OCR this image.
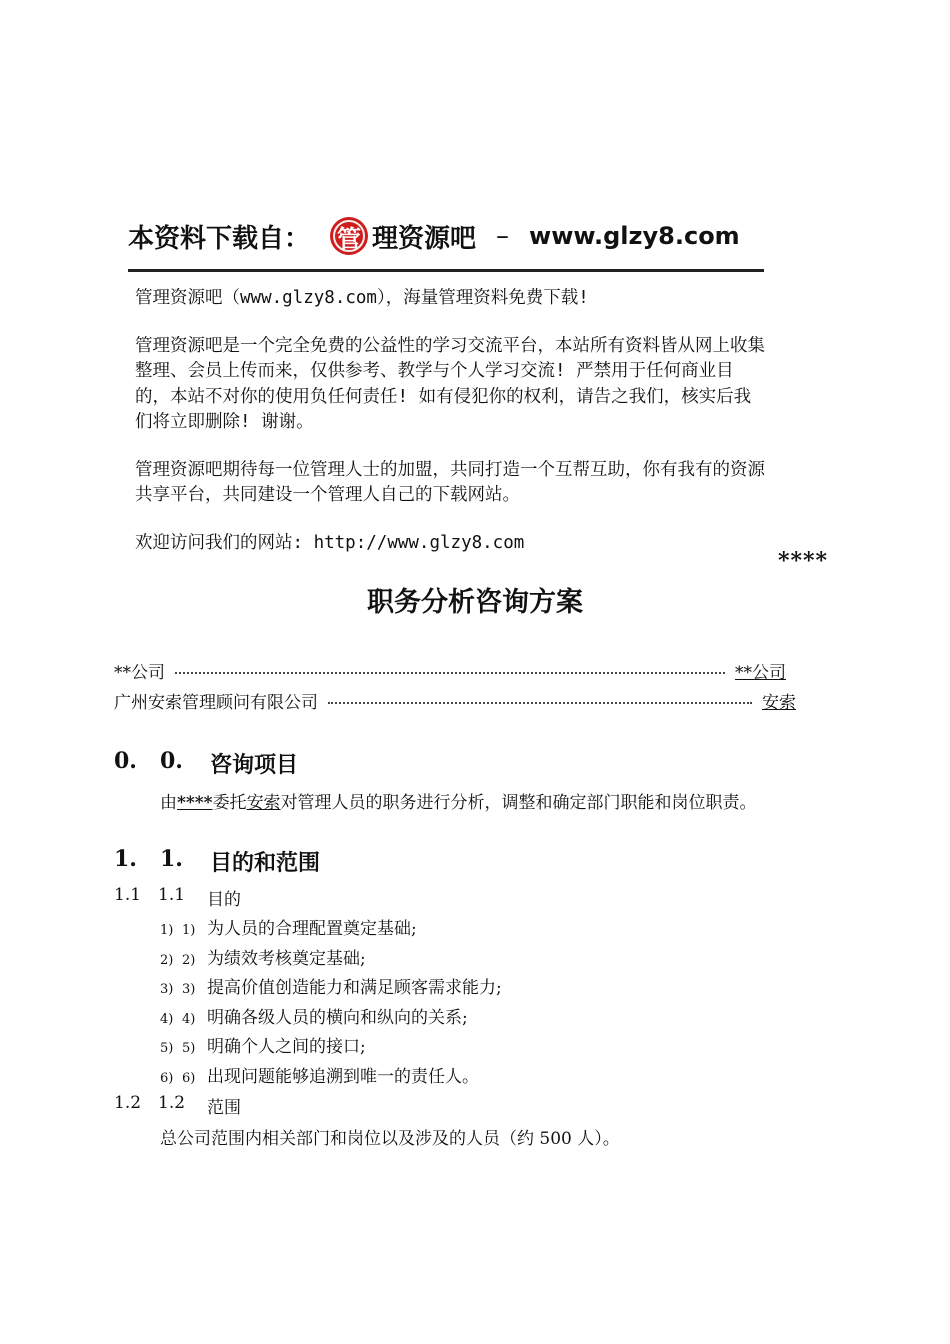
本资料下载自： 管 理资源吧 – www.glzy8.com

管理资源吧（www.glzy8.com），海量管理资料免费下载!

管理资源吧是一个完全免费的公益性的学习交流平台，本站所有资料皆从网上收集整理、会员上传而来，仅供参考、教学与个人学习交流! 严禁用于任何商业目的，本站不对你的使用负任何责任! 如有侵犯你的权利，请告之我们，核实后我们将立即删除! 谢谢。

管理资源吧期待每一位管理人士的加盟，共同打造一个互帮互助，你有我有的资源共享平台，共同建设一个管理人自己的下载网站。

欢迎访问我们的网站: http://www.glzy8.com

****
职务分析咨询方案
**公司	**公司
广州安索管理顾问有限公司	安索
0.	0.	咨询项目
由****委托安索对管理人员的职务进行分析，调整和确定部门职能和岗位职责。
1.	1.	目的和范围
1.1 1.1	目的
1) 1) 为人员的合理配置奠定基础;
2) 2) 为绩效考核奠定基础;
3) 3) 提高价值创造能力和满足顾客需求能力;
4) 4) 明确各级人员的横向和纵向的关系;
5) 5) 明确个人之间的接口;
6) 6) 出现问题能够追溯到唯一的责任人。
1.2 1.2	范围
总公司范围内相关部门和岗位以及涉及的人员（约 500 人）。
